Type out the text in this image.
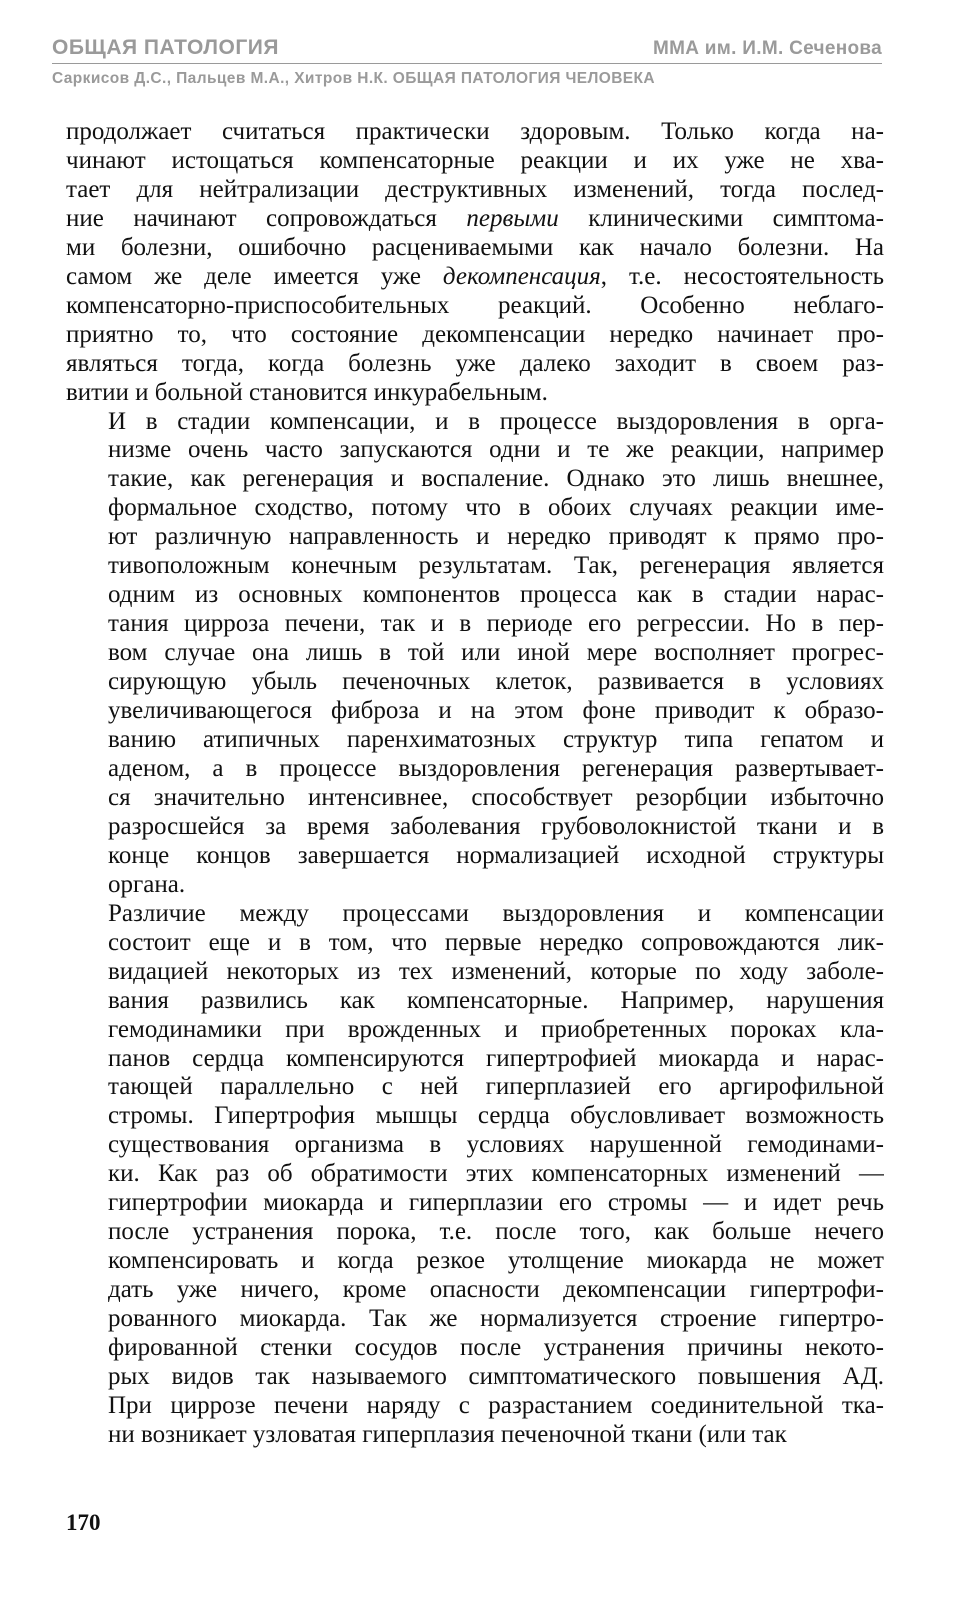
ОБЩАЯ ПАТОЛОГИЯ	ММА им. И.М. Сеченова
Саркисов Д.С., Пальцев М.А., Хитров Н.К. ОБЩАЯ ПАТОЛОГИЯ ЧЕЛОВЕКА
продолжает считаться практически здоровым. Только когда на-
чинают истощаться компенсаторные реакции и их уже не хва-
тает для нейтрализации деструктивных изменений, тогда послед-
ние начинают сопровождаться первыми клиническими симптома-
ми болезни, ошибочно расцениваемыми как начало болезни. На
самом же деле имеется уже декомпенсация, т.е. несостоятельность
компенсаторно-приспособительных реакций. Особенно неблаго-
приятно то, что состояние декомпенсации нередко начинает про-
являться тогда, когда болезнь уже далеко заходит в своем раз-
витии и больной становится инкурабельным.
И в стадии компенсации, и в процессе выздоровления в орга-
низме очень часто запускаются одни и те же реакции, например
такие, как регенерация и воспаление. Однако это лишь внешнее,
формальное сходство, потому что в обоих случаях реакции име-
ют различную направленность и нередко приводят к прямо про-
тивоположным конечным результатам. Так, регенерация является
одним из основных компонентов процесса как в стадии нарас-
тания цирроза печени, так и в периоде его регрессии. Но в пер-
вом случае она лишь в той или иной мере восполняет прогрес-
сирующую убыль печеночных клеток, развивается в условиях
увеличивающегося фиброза и на этом фоне приводит к образо-
ванию атипичных паренхиматозных структур типа гепатом и
аденом, а в процессе выздоровления регенерация развертывает-
ся значительно интенсивнее, способствует резорбции избыточно
разросшейся за время заболевания грубоволокнистой ткани и в
конце концов завершается нормализацией исходной структуры
органа.
Различие между процессами выздоровления и компенсации
состоит еще и в том, что первые нередко сопровождаются лик-
видацией некоторых из тех изменений, которые по ходу заболе-
вания развились как компенсаторные. Например, нарушения
гемодинамики при врожденных и приобретенных пороках кла-
панов сердца компенсируются гипертрофией миокарда и нарас-
тающей параллельно с ней гиперплазией его аргирофильной
стромы. Гипертрофия мышцы сердца обусловливает возможность
существования организма в условиях нарушенной гемодинами-
ки. Как раз об обратимости этих компенсаторных изменений —
гипертрофии миокарда и гиперплазии его стромы — и идет речь
после устранения порока, т.е. после того, как больше нечего
компенсировать и когда резкое утолщение миокарда не может
дать уже ничего, кроме опасности декомпенсации гипертрофи-
рованного миокарда. Так же нормализуется строение гипертро-
фированной стенки сосудов после устранения причины некото-
рых видов так называемого симптоматического повышения АД.
При циррозе печени наряду с разрастанием соединительной тка-
ни возникает узловатая гиперплазия печеночной ткани (или так
170
